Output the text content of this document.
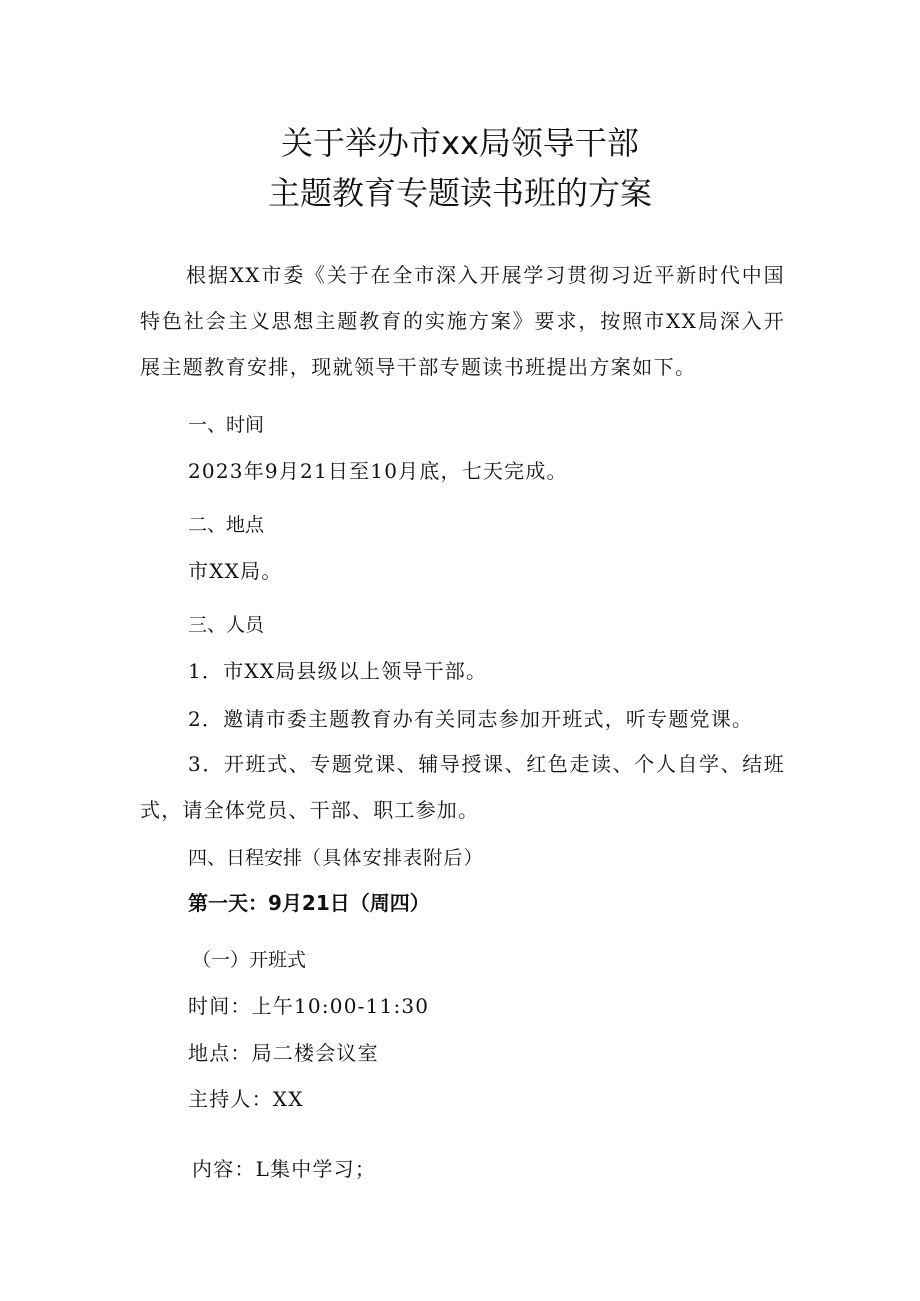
关于举办市xx局领导干部
主题教育专题读书班的方案
根据XX市委《关于在全市深入开展学习贯彻习近平新时代中国特色社会主义思想主题教育的实施方案》要求，按照市XX局深入开展主题教育安排，现就领导干部专题读书班提出方案如下。
一、时间
2023年9月21日至10月底，七天完成。
二、地点
市XX局。
三、人员
1．市XX局县级以上领导干部。
2．邀请市委主题教育办有关同志参加开班式，听专题党课。
3．开班式、专题党课、辅导授课、红色走读、个人自学、结班式，请全体党员、干部、职工参加。
四、日程安排（具体安排表附后）
第一天：9月21日（周四）
（一）开班式
时间：上午10:00-11:30
地点：局二楼会议室
主持人：XX
内容：L集中学习；
